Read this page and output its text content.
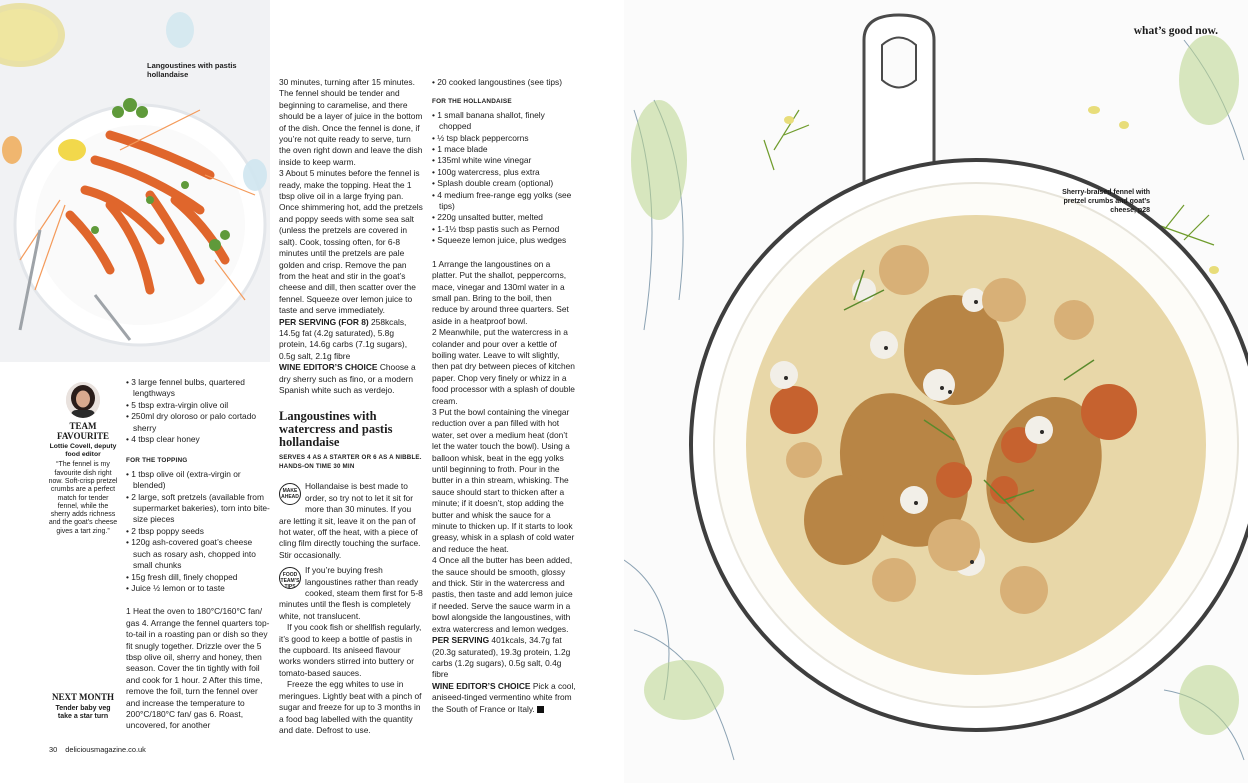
Langoustines with pastis hollandaise
TEAM FAVOURITE
Lottie Covell, deputy food editor
“The fennel is my favourite dish right now. Soft-crisp pretzel crumbs are a perfect match for tender fennel, while the sherry adds richness and the goat’s cheese gives a tart zing.”
NEXT MONTH
Tender baby veg take a star turn
30 deliciousmagazine.co.uk
• 3 large fennel bulbs, quartered lengthways
• 5 tbsp extra-virgin olive oil
• 250ml dry oloroso or palo cortado sherry
• 4 tbsp clear honey
FOR THE TOPPING
• 1 tbsp olive oil (extra-virgin or blended)
• 2 large, soft pretzels (available from supermarket bakeries), torn into bite-size pieces
• 2 tbsp poppy seeds
• 120g ash-covered goat’s cheese such as rosary ash, chopped into small chunks
• 15g fresh dill, finely chopped
• Juice ½ lemon or to taste

1 Heat the oven to 180°C/160°C fan/ gas 4. Arrange the fennel quarters top-to-tail in a roasting pan or dish so they fit snugly together. Drizzle over the 5 tbsp olive oil, sherry and honey, then season. Cover the tin tightly with foil and cook for 1 hour. 2 After this time, remove the foil, turn the fennel over and increase the temperature to 200°C/180°C fan/ gas 6. Roast, uncovered, for another

30 minutes, turning after 15 minutes. The fennel should be tender and beginning to caramelise, and there should be a layer of juice in the bottom of the dish. Once the fennel is done, if you’re not quite ready to serve, turn the oven right down and leave the dish inside to keep warm.

3 About 5 minutes before the fennel is ready, make the topping. Heat the 1 tbsp olive oil in a large frying pan. Once shimmering hot, add the pretzels and poppy seeds with some sea salt (unless the pretzels are covered in salt). Cook, tossing often, for 6-8 minutes until the pretzels are pale golden and crisp. Remove the pan from the heat and stir in the goat’s cheese and dill, then scatter over the fennel. Squeeze over lemon juice to taste and serve immediately.

PER SERVING (FOR 8) 258kcals, 14.5g fat (4.2g saturated), 5.8g protein, 14.6g carbs (7.1g sugars), 0.5g salt, 2.1g fibre

WINE EDITOR’S CHOICE Choose a dry sherry such as fino, or a modern Spanish white such as verdejo.

Langoustines with watercress and pastis hollandaise
SERVES 4 AS A STARTER OR 6 AS A NIBBLE. HANDS-ON TIME 30 MIN

MAKE AHEAD
Hollandaise is best made to order, so try not to let it sit for more than 30 minutes. If you are letting it sit, leave it on the pan of hot water, off the heat, with a piece of cling film directly touching the surface. Stir occasionally.

FOOD TEAM’S TIPS
If you’re buying fresh langoustines rather than ready cooked, steam them first for 5-8 minutes until the flesh is completely white, not translucent.

If you cook fish or shellfish regularly, it’s good to keep a bottle of pastis in the cupboard. Its aniseed flavour works wonders stirred into buttery or tomato-based sauces.

Freeze the egg whites to use in meringues. Lightly beat with a pinch of sugar and freeze for up to 3 months in a food bag labelled with the quantity and date. Defrost to use.

• 20 cooked langoustines (see tips)
FOR THE HOLLANDAISE
• 1 small banana shallot, finely chopped
• ½ tsp black peppercorns
• 1 mace blade
• 135ml white wine vinegar
• 100g watercress, plus extra
• Splash double cream (optional)
• 4 medium free-range egg yolks (see tips)
• 220g unsalted butter, melted
• 1-1½ tbsp pastis such as Pernod
• Squeeze lemon juice, plus wedges

1 Arrange the langoustines on a platter. Put the shallot, peppercorns, mace, vinegar and 130ml water in a small pan. Bring to the boil, then reduce by around three quarters. Set aside in a heatproof bowl.

2 Meanwhile, put the watercress in a colander and pour over a kettle of boiling water. Leave to wilt slightly, then pat dry between pieces of kitchen paper. Chop very finely or whizz in a food processor with a splash of double cream.

3 Put the bowl containing the vinegar reduction over a pan filled with hot water, set over a medium heat (don’t let the water touch the bowl). Using a balloon whisk, beat in the egg yolks until beginning to froth. Pour in the butter in a thin stream, whisking. The sauce should start to thicken after a minute; if it doesn’t, stop adding the butter and whisk the sauce for a minute to thicken up. If it starts to look greasy, whisk in a splash of cold water and reduce the heat.

4 Once all the butter has been added, the sauce should be smooth, glossy and thick. Stir in the watercress and pastis, then taste and add lemon juice if needed. Serve the sauce warm in a bowl alongside the langoustines, with extra watercress and lemon wedges.

PER SERVING 401kcals, 34.7g fat (20.3g saturated), 19.3g protein, 1.2g carbs (1.2g sugars), 0.5g salt, 0.4g fibre

WINE EDITOR’S CHOICE Pick a cool, aniseed-tinged vermentino white from the South of France or Italy.

what’s good now.
Sherry-braised fennel with pretzel crumbs and goat’s cheese, p28
